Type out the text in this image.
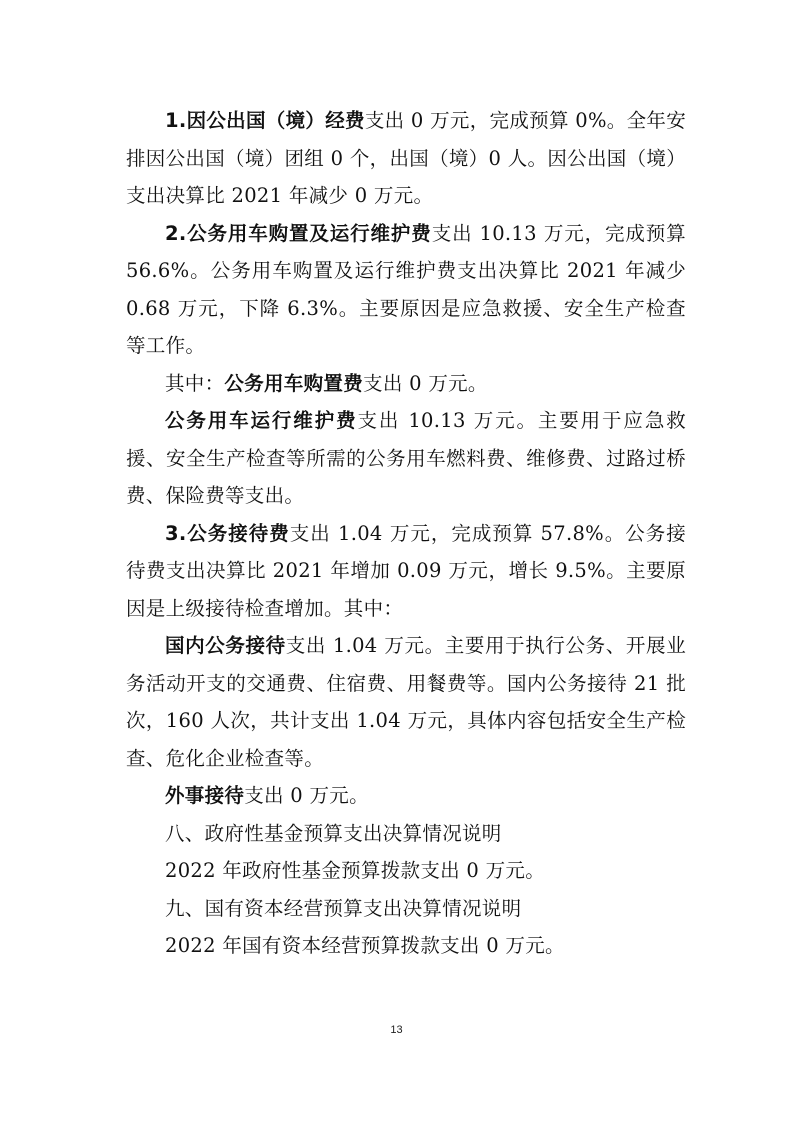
1.因公出国（境）经费支出 0 万元，完成预算 0%。全年安排因公出国（境）团组 0 个，出国（境）0 人。因公出国（境）支出决算比 2021 年减少 0 万元。

2.公务用车购置及运行维护费支出 10.13 万元，完成预算 56.6%。公务用车购置及运行维护费支出决算比 2021 年减少 0.68 万元，下降 6.3%。主要原因是应急救援、安全生产检查等工作。

其中：公务用车购置费支出 0 万元。

公务用车运行维护费支出 10.13 万元。主要用于应急救援、安全生产检查等所需的公务用车燃料费、维修费、过路过桥费、保险费等支出。

3.公务接待费支出 1.04 万元，完成预算 57.8%。公务接待费支出决算比 2021 年增加 0.09 万元，增长 9.5%。主要原因是上级接待检查增加。其中：

国内公务接待支出 1.04 万元。主要用于执行公务、开展业务活动开支的交通费、住宿费、用餐费等。国内公务接待 21 批次，160 人次，共计支出 1.04 万元，具体内容包括安全生产检查、危化企业检查等。

外事接待支出 0 万元。

八、政府性基金预算支出决算情况说明

2022 年政府性基金预算拨款支出 0 万元。

九、国有资本经营预算支出决算情况说明

2022 年国有资本经营预算拨款支出 0 万元。

13
